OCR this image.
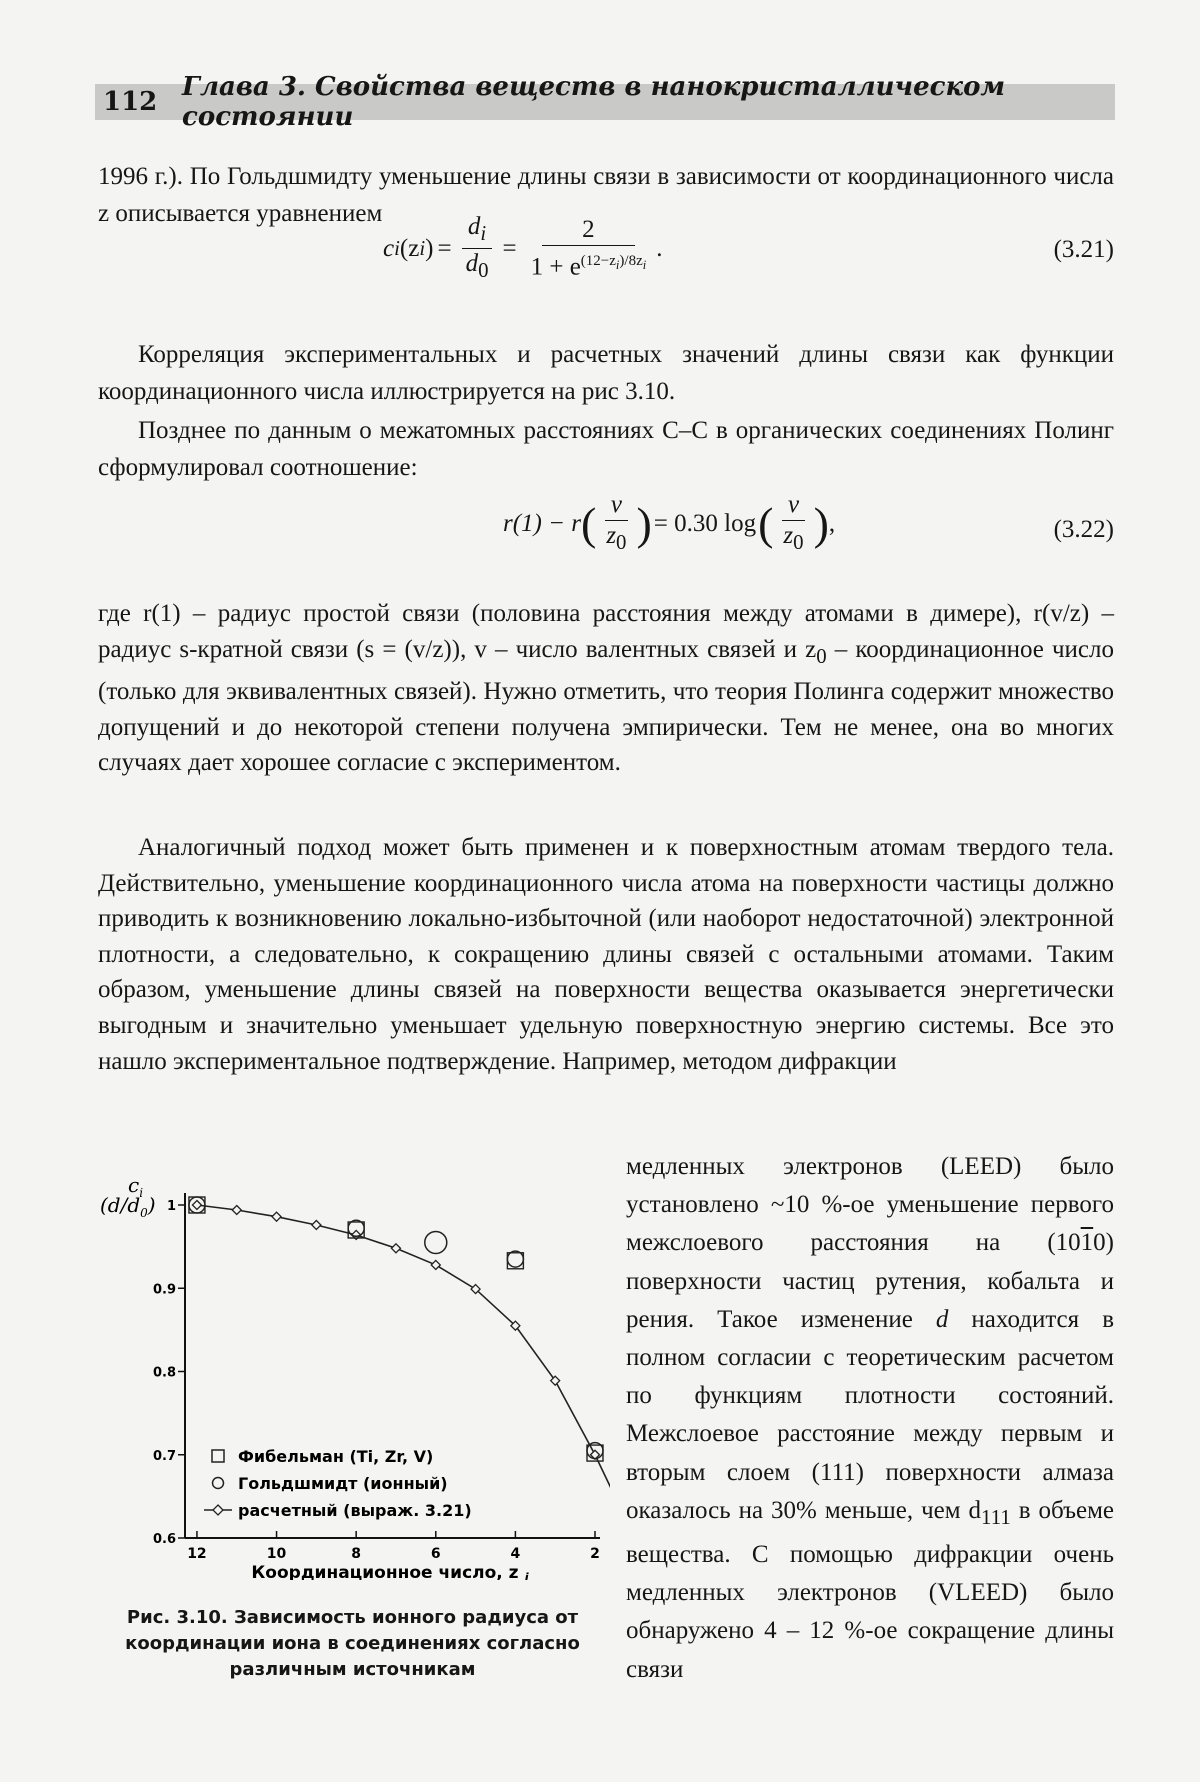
112 Глава 3. Свойства веществ в нанокристаллическом состоянии

1996 г.). По Гольдшмидту уменьшение длины связи в зависимости от координационного числа z описывается уравнением

c i (z i ) = $\frac{d_i}{d_0} = \frac{2}{1 + e^{(12-z_i)/8z_i}}$ .	(3.21)

Корреляция экспериментальных и расчетных значений длины связи как функции координационного числа иллюстрируется на рис 3.10.

Позднее по данным о межатомных расстояниях С–С в органических соединениях Полинг сформулировал соотношение:

r(1) − r ( $\frac{v}{z_0}$ ) = 0.30 log ( $\frac{v}{z_0}$ ) ,	(3.22)

где r(1) – радиус простой связи (половина расстояния между атомами в димере), r(v/z) – радиус s-кратной связи (s = (v/z)), v – число валентных связей и $z_0$ – координационное число (только для эквивалентных связей). Нужно отметить, что теория Полинга содержит множество допущений и до некоторой степени получена эмпирически. Тем не менее, она во многих случаях дает хорошее согласие с экспериментом.

Аналогичный подход может быть применен и к поверхностным атомам твердого тела. Действительно, уменьшение координационного числа атома на поверхности частицы должно приводить к возникновению локально-избыточной (или наоборот недостаточной) электронной плотности, а следовательно, к сокращению длины связей с остальными атомами. Таким образом, уменьшение длины связей на поверхности вещества оказывается энергетически выгодным и значительно уменьшает удельную поверхностную энергию системы. Все это нашло экспериментальное подтверждение. Например, методом дифракции

медленных электронов (LEED) было установлено ~10 %-ое уменьшение первого межслоевого расстояния на (1010) поверхности частиц рутения, кобальта и рения. Такое изменение d находится в полном согласии с теоретическим расчетом по функциям плотности состояний. Межслоевое расстояние между первым и вторым слоем (111) поверхности алмаза оказалось на 30% меньше, чем $d_{111}$ в объеме вещества. С помощью дифракции очень медленных электронов (VLEED) было обнаружено 4 – 12 %-ое сокращение длины связи

0.6
0.7
0.8
0.9
1
12	10	8	6	4	2
Координационное число, z $_i$
$c_i$
$(d/d_0)$
Фибельман (Ti, Zr, V)
Гольдшмидт (ионный)
расчетный (выраж. 3.21)
Рис. 3.10. Зависимость ионного радиуса от
координации иона в соединениях согласно
различным источникам
